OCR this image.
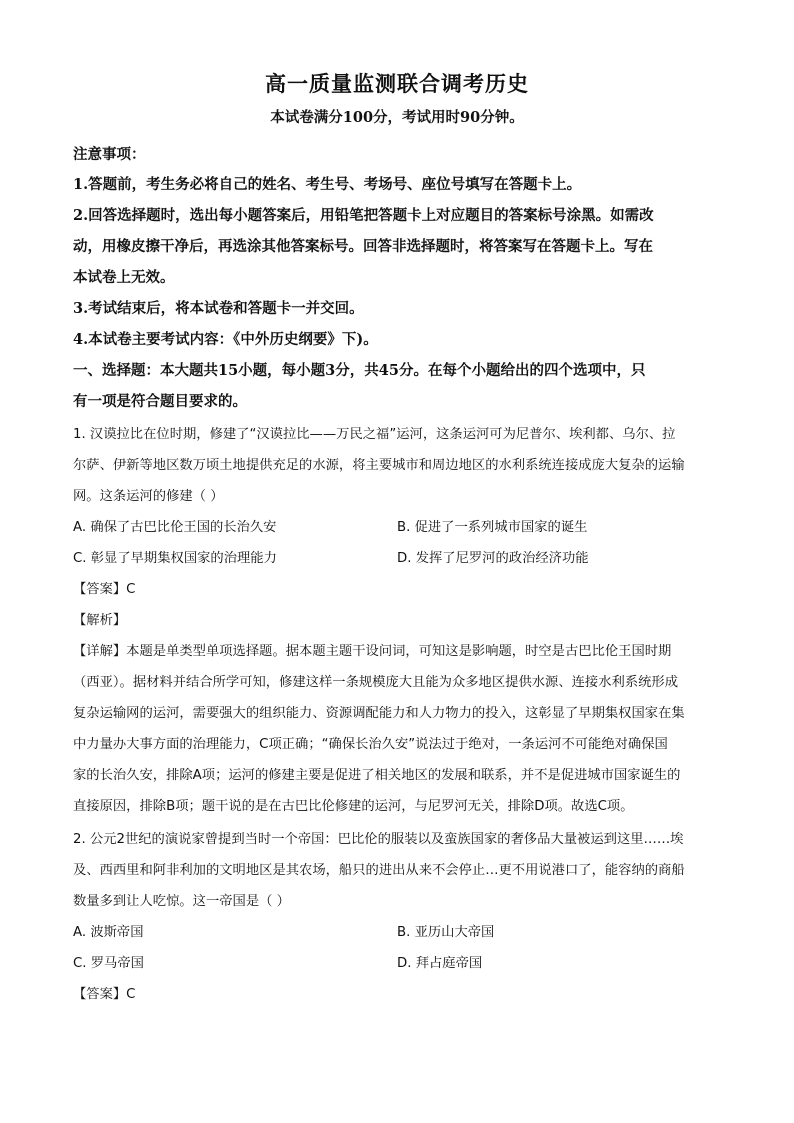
高一质量监测联合调考历史
本试卷满分100分，考试用时90分钟。
注意事项：
1.答题前，考生务必将自己的姓名、考生号、考场号、座位号填写在答题卡上。
2.回答选择题时，选出每小题答案后，用铅笔把答题卡上对应题目的答案标号涂黑。如需改
动，用橡皮擦干净后，再选涂其他答案标号。回答非选择题时，将答案写在答题卡上。写在
本试卷上无效。
3.考试结束后，将本试卷和答题卡一并交回。
4.本试卷主要考试内容：《中外历史纲要》下)。
一、选择题：本大题共15小题，每小题3分，共45分。在每个小题给出的四个选项中，只
有一项是符合题目要求的。
1. 汉谟拉比在位时期，修建了“汉谟拉比——万民之福”运河，这条运河可为尼普尔、埃利都、乌尔、拉
尔萨、伊新等地区数万顷土地提供充足的水源，将主要城市和周边地区的水利系统连接成庞大复杂的运输
网。这条运河的修建（ ）
A. 确保了古巴比伦王国的长治久安	B. 促进了一系列城市国家的诞生
C. 彰显了早期集权国家的治理能力	D. 发挥了尼罗河的政治经济功能
【答案】C
【解析】
【详解】本题是单类型单项选择题。据本题主题干设问词，可知这是影响题，时空是古巴比伦王国时期
（西亚）。据材料并结合所学可知，修建这样一条规模庞大且能为众多地区提供水源、连接水利系统形成
复杂运输网的运河，需要强大的组织能力、资源调配能力和人力物力的投入，这彰显了早期集权国家在集
中力量办大事方面的治理能力，C项正确；“确保长治久安”说法过于绝对，一条运河不可能绝对确保国
家的长治久安，排除A项；运河的修建主要是促进了相关地区的发展和联系，并不是促进城市国家诞生的
直接原因，排除B项；题干说的是在古巴比伦修建的运河，与尼罗河无关，排除D项。故选C项。
2. 公元2世纪的演说家曾提到当时一个帝国：巴比伦的服装以及蛮族国家的奢侈品大量被运到这里……埃
及、西西里和阿非利加的文明地区是其农场，船只的进出从来不会停止…更不用说港口了，能容纳的商船
数量多到让人吃惊。这一帝国是（ ）
A. 波斯帝国	B. 亚历山大帝国
C. 罗马帝国	D. 拜占庭帝国
【答案】C
